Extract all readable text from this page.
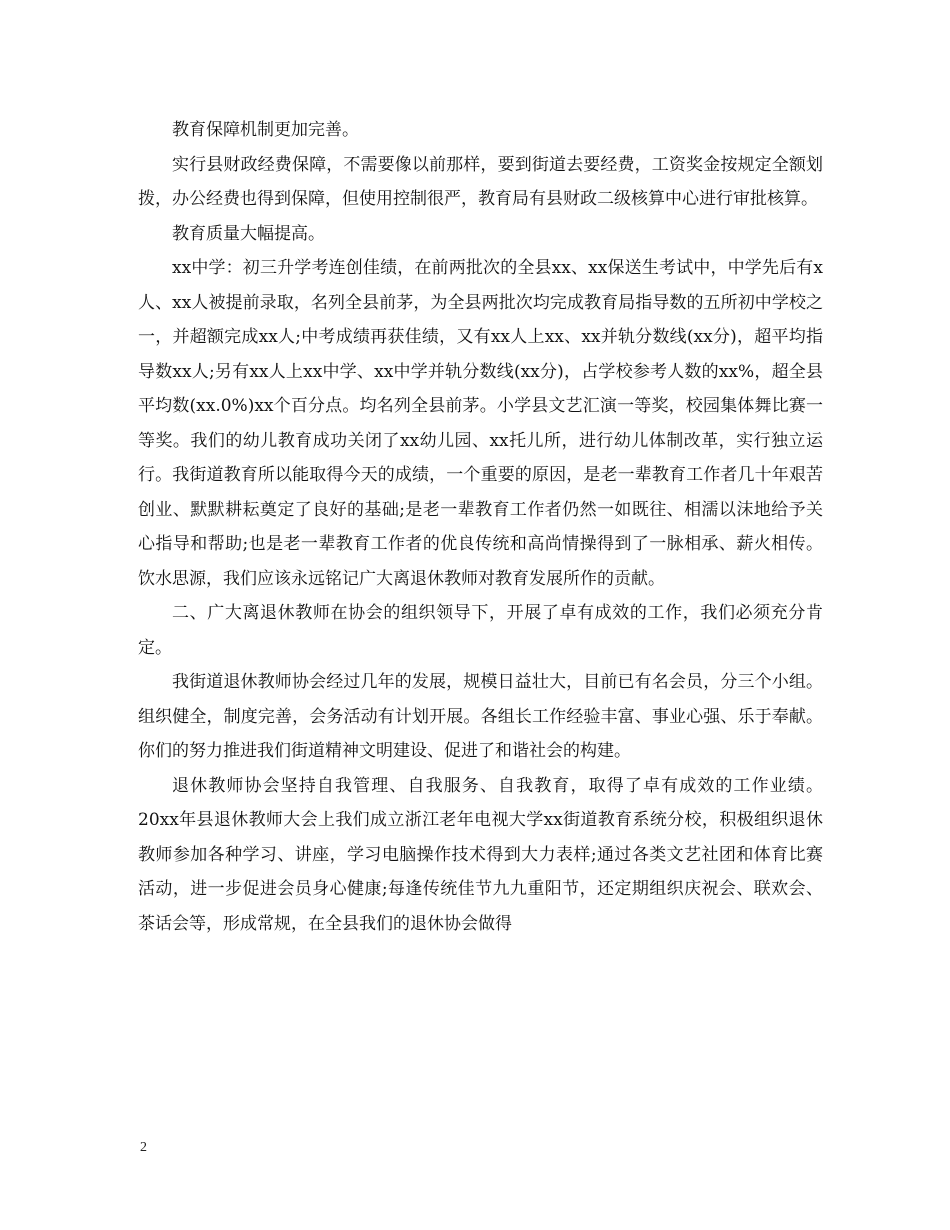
教育保障机制更加完善。

实行县财政经费保障，不需要像以前那样，要到街道去要经费，工资奖金按规定全额划拨，办公经费也得到保障，但使用控制很严，教育局有县财政二级核算中心进行审批核算。

教育质量大幅提高。

xx中学：初三升学考连创佳绩，在前两批次的全县xx、xx保送生考试中，中学先后有x人、xx人被提前录取，名列全县前茅，为全县两批次均完成教育局指导数的五所初中学校之一，并超额完成xx人;中考成绩再获佳绩，又有xx人上xx、xx并轨分数线(xx分)，超平均指导数xx人;另有xx人上xx中学、xx中学并轨分数线(xx分)，占学校参考人数的xx%，超全县平均数(xx.0%)xx个百分点。均名列全县前茅。小学县文艺汇演一等奖，校园集体舞比赛一等奖。我们的幼儿教育成功关闭了xx幼儿园、xx托儿所，进行幼儿体制改革，实行独立运行。我街道教育所以能取得今天的成绩，一个重要的原因，是老一辈教育工作者几十年艰苦创业、默默耕耘奠定了良好的基础;是老一辈教育工作者仍然一如既往、相濡以沫地给予关心指导和帮助;也是老一辈教育工作者的优良传统和高尚情操得到了一脉相承、薪火相传。饮水思源，我们应该永远铭记广大离退休教师对教育发展所作的贡献。

二、广大离退休教师在协会的组织领导下，开展了卓有成效的工作，我们必须充分肯定。

我街道退休教师协会经过几年的发展，规模日益壮大，目前已有名会员，分三个小组。组织健全，制度完善，会务活动有计划开展。各组长工作经验丰富、事业心强、乐于奉献。你们的努力推进我们街道精神文明建设、促进了和谐社会的构建。

退休教师协会坚持自我管理、自我服务、自我教育，取得了卓有成效的工作业绩。20xx年县退休教师大会上我们成立浙江老年电视大学xx街道教育系统分校，积极组织退休教师参加各种学习、讲座，学习电脑操作技术得到大力表样;通过各类文艺社团和体育比赛活动，进一步促进会员身心健康;每逢传统佳节九九重阳节，还定期组织庆祝会、联欢会、茶话会等，形成常规，在全县我们的退休协会做得

2
